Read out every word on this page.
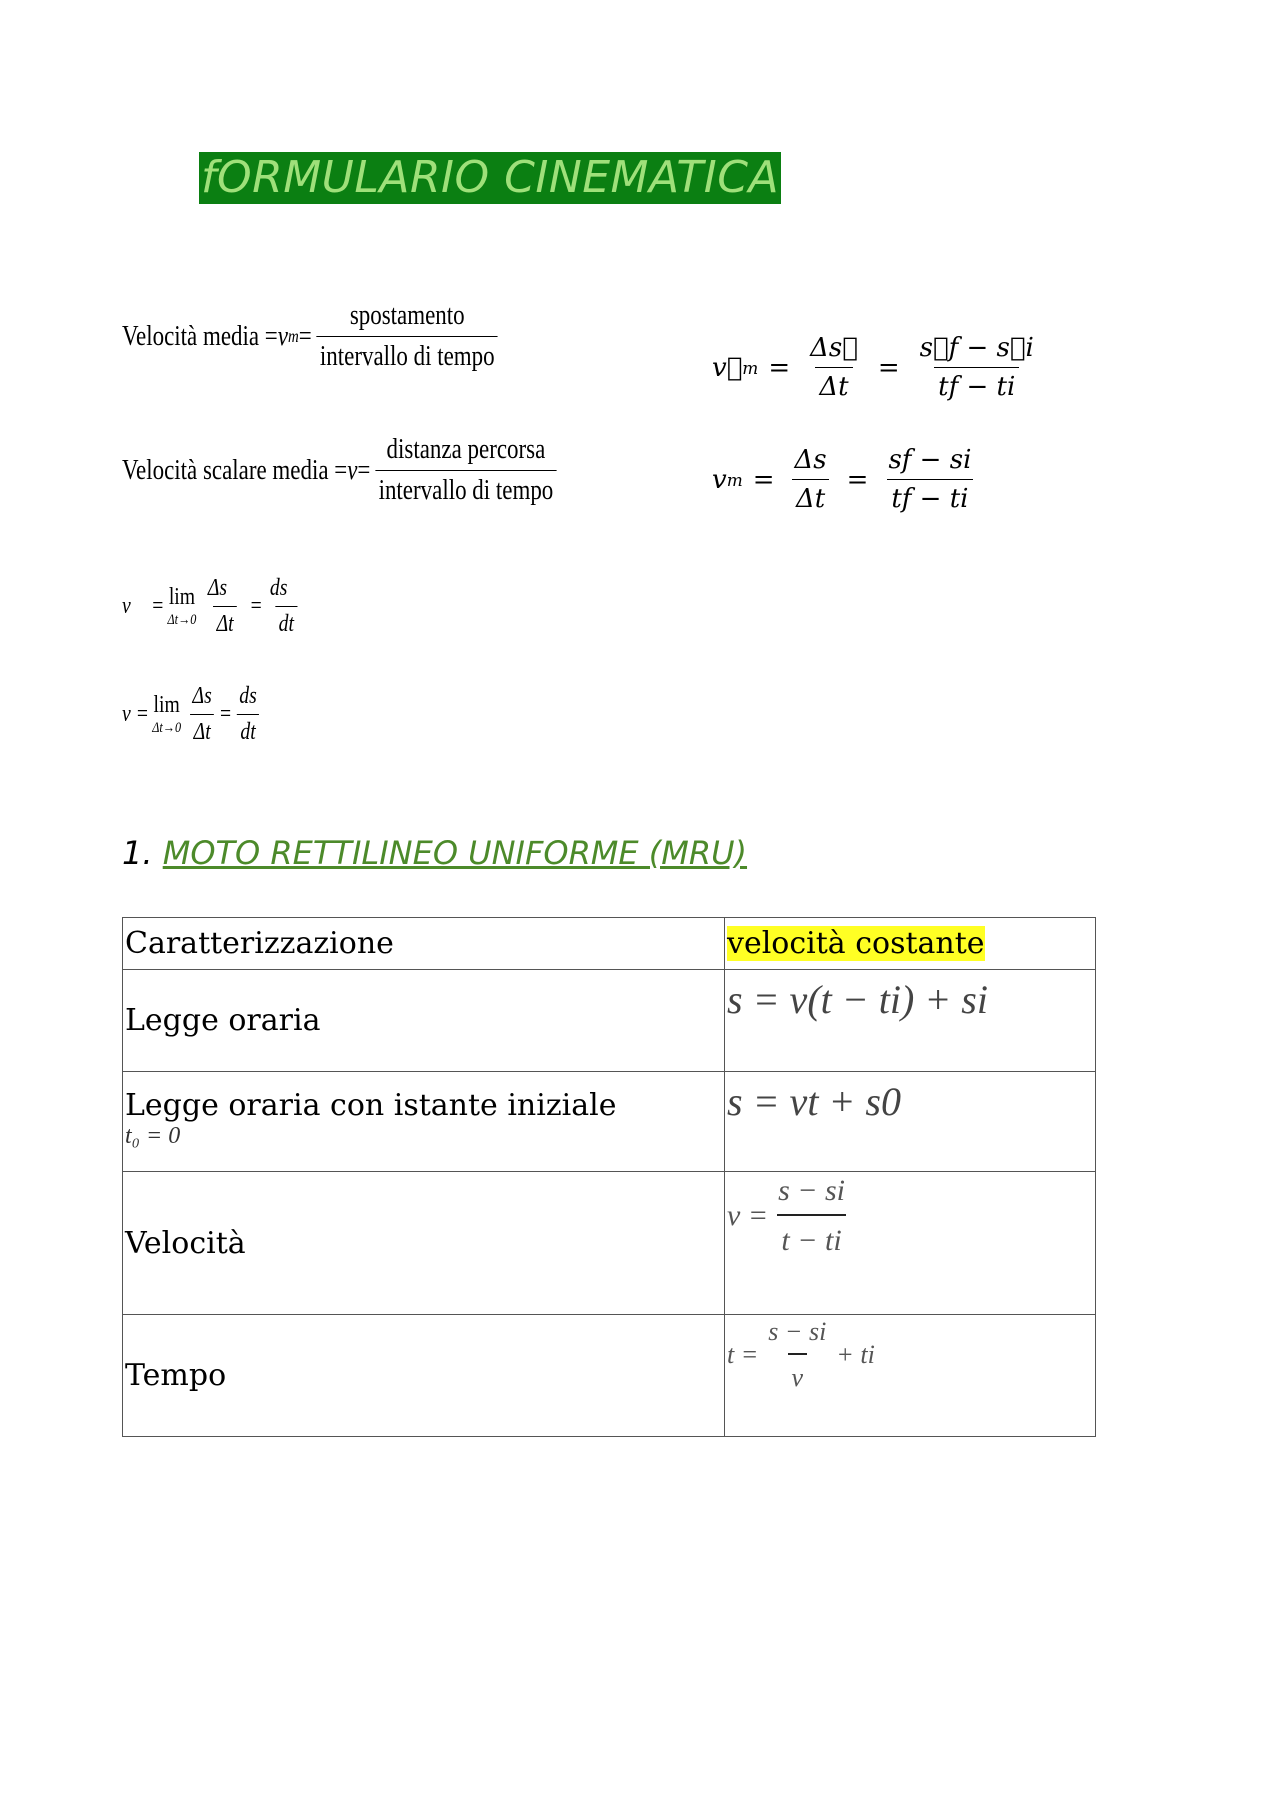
fORMULARIO CINEMATICA
Velocità media = v $m = \frac{\text{spostamento}}{\text{intervallo di tempo}}$
Velocità scalare media = $v = \frac{\text{distanza percorsa}}{\text{intervallo di tempo}}$
v⃗ $m = \frac{\Delta s⃗}{\Delta t} = \frac{s⃗f - s⃗i}{tf - ti}$
v $m = \frac{\Delta s}{\Delta t} = \frac{sf - si}{tf - ti}$
v⃗ = lim
$\Delta t\to 0 \frac{\Delta s⃗}{\Delta t} = \frac{ds⃗}{dt}$
v = lim
$\Delta t\to 0 \frac{\Delta s}{\Delta t} = \frac{ds}{dt}$
1. MOTO RETTILINEO UNIFORME (MRU)
Caratterizzazione	velocità costante
Legge oraria	s = v(t − ti) + si

Legge oraria con istante iniziale
t₀ = 0	s = vt + s0
Velocità	$v = \frac{s - si}{t - ti}$

Tempo	$t = \frac{s - si}{v}$ + ti
